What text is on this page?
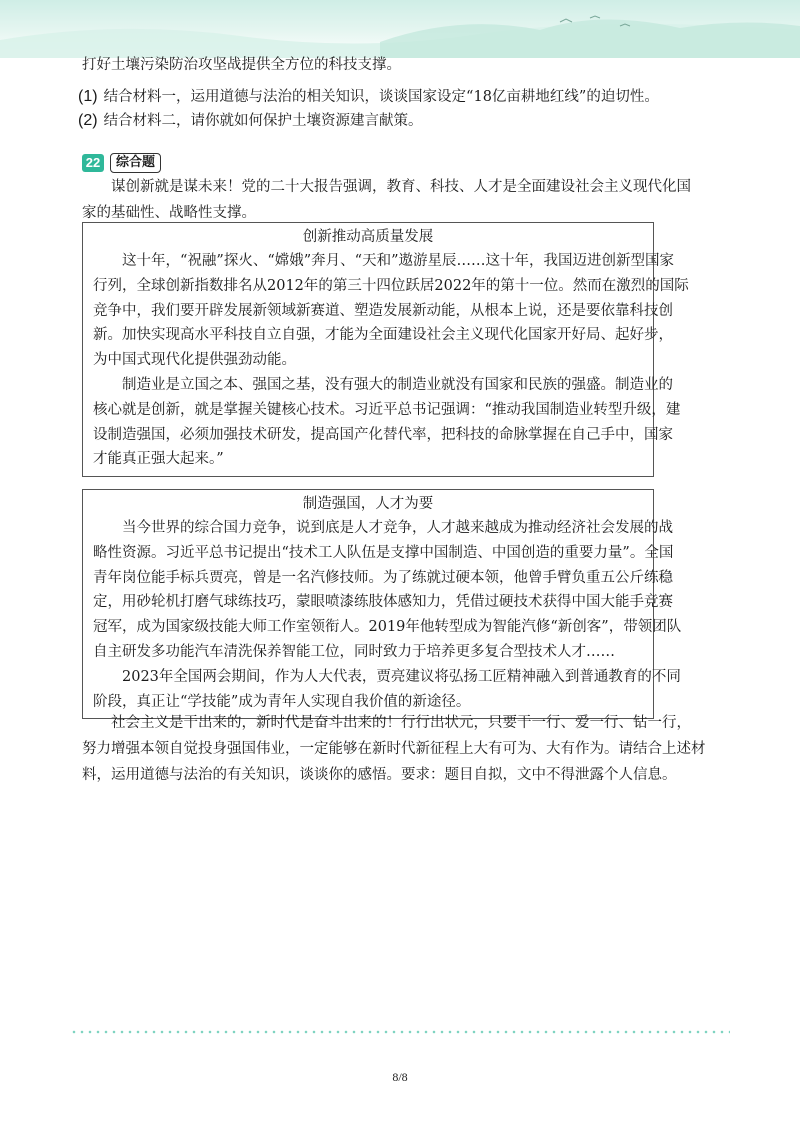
打好土壤污染防治攻坚战提供全方位的科技支撑。
(1) 结合材料一，运用道德与法治的相关知识，谈谈国家设定“18亿亩耕地红线”的迫切性。
(2) 结合材料二，请你就如何保护土壤资源建言献策。
22	综合题
谋创新就是谋未来！党的二十大报告强调，教育、科技、人才是全面建设社会主义现代化国
家的基础性、战略性支撑。
创新推动高质量发展
这十年，“祝融”探火、“嫦娥”奔月、“天和”遨游星辰……这十年，我国迈进创新型国家
行列，全球创新指数排名从2012年的第三十四位跃居2022年的第十一位。然而在激烈的国际
竞争中，我们要开辟发展新领域新赛道、塑造发展新动能，从根本上说，还是要依靠科技创
新。加快实现高水平科技自立自强，才能为全面建设社会主义现代化国家开好局、起好步，
为中国式现代化提供强劲动能。
制造业是立国之本、强国之基，没有强大的制造业就没有国家和民族的强盛。制造业的
核心就是创新，就是掌握关键核心技术。习近平总书记强调：“推动我国制造业转型升级，建
设制造强国，必须加强技术研发，提高国产化替代率，把科技的命脉掌握在自己手中，国家
才能真正强大起来。”
制造强国，人才为要
当今世界的综合国力竞争，说到底是人才竞争，人才越来越成为推动经济社会发展的战
略性资源。习近平总书记提出“技术工人队伍是支撑中国制造、中国创造的重要力量”。全国
青年岗位能手标兵贾亮，曾是一名汽修技师。为了练就过硬本领，他曾手臂负重五公斤练稳
定，用砂轮机打磨气球练技巧，蒙眼喷漆练肢体感知力，凭借过硬技术获得中国大能手竞赛
冠军，成为国家级技能大师工作室领衔人。2019年他转型成为智能汽修“新创客”，带领团队
自主研发多功能汽车清洗保养智能工位，同时致力于培养更多复合型技术人才……
2023年全国两会期间，作为人大代表，贾亮建议将弘扬工匠精神融入到普通教育的不同
阶段，真正让“学技能”成为青年人实现自我价值的新途径。
社会主义是干出来的，新时代是奋斗出来的！行行出状元，只要干一行、爱一行、钻一行，
努力增强本领自觉投身强国伟业，一定能够在新时代新征程上大有可为、大有作为。请结合上述材
料，运用道德与法治的有关知识，谈谈你的感悟。要求：题目自拟，文中不得泄露个人信息。
8/8
